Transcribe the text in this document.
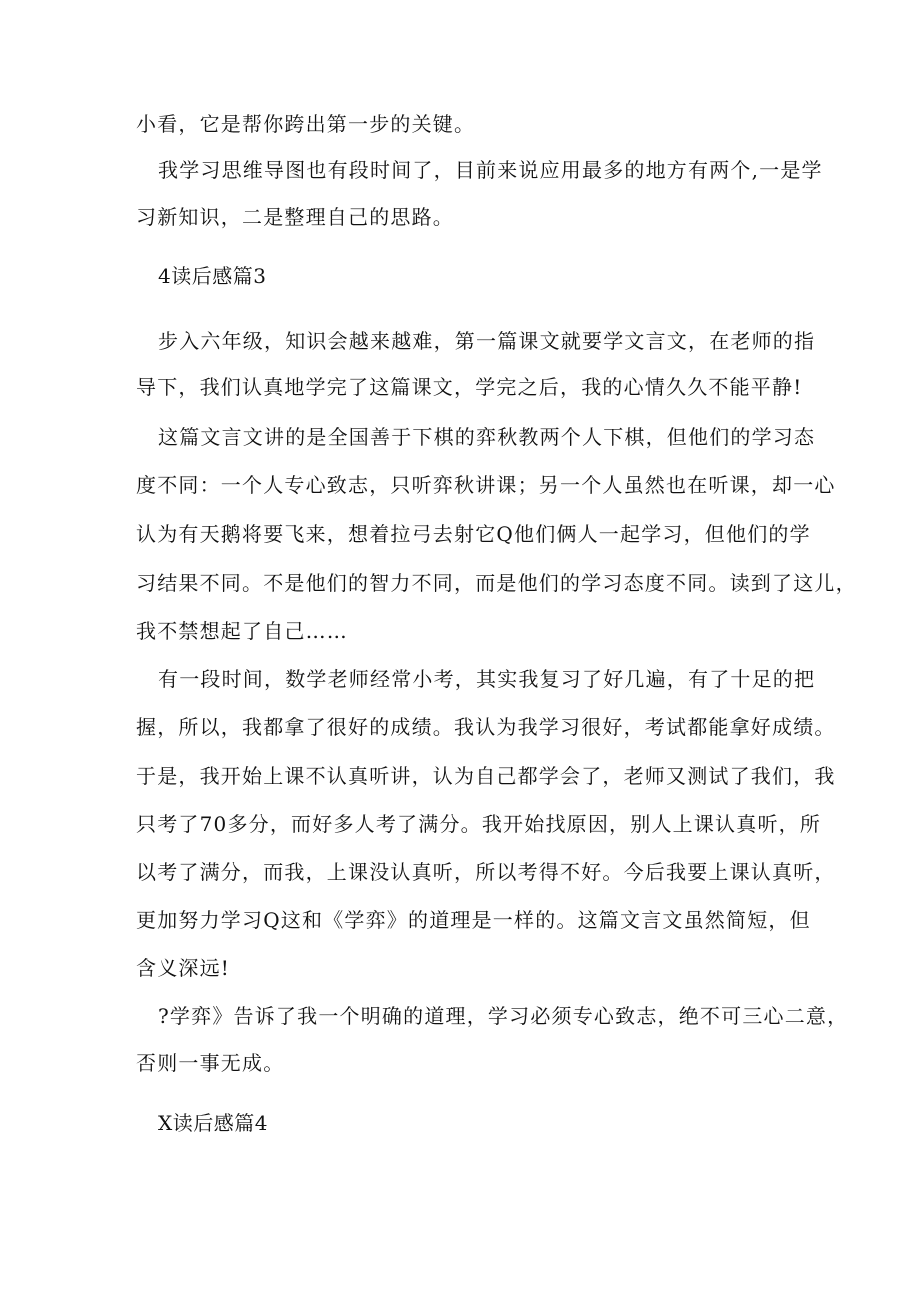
小看，它是帮你跨出第一步的关键。
我学习思维导图也有段时间了，目前来说应用最多的地方有两个,一是学
习新知识，二是整理自己的思路。
4读后感篇3
步入六年级，知识会越来越难，第一篇课文就要学文言文，在老师的指
导下，我们认真地学完了这篇课文，学完之后，我的心情久久不能平静!
这篇文言文讲的是全国善于下棋的弈秋教两个人下棋，但他们的学习态
度不同：一个人专心致志，只听弈秋讲课；另一个人虽然也在听课，却一心
认为有天鹅将要飞来，想着拉弓去射它Q他们俩人一起学习，但他们的学
习结果不同。不是他们的智力不同，而是他们的学习态度不同。读到了这儿，
我不禁想起了自己……
有一段时间，数学老师经常小考，其实我复习了好几遍，有了十足的把
握，所以，我都拿了很好的成绩。我认为我学习很好，考试都能拿好成绩。
于是，我开始上课不认真听讲，认为自己都学会了，老师又测试了我们，我
只考了70多分，而好多人考了满分。我开始找原因，别人上课认真听，所
以考了满分，而我，上课没认真听，所以考得不好。今后我要上课认真听，
更加努力学习Q这和《学弈》的道理是一样的。这篇文言文虽然简短，但
含义深远!
?学弈》告诉了我一个明确的道理，学习必须专心致志，绝不可三心二意，
否则一事无成。
X读后感篇4
